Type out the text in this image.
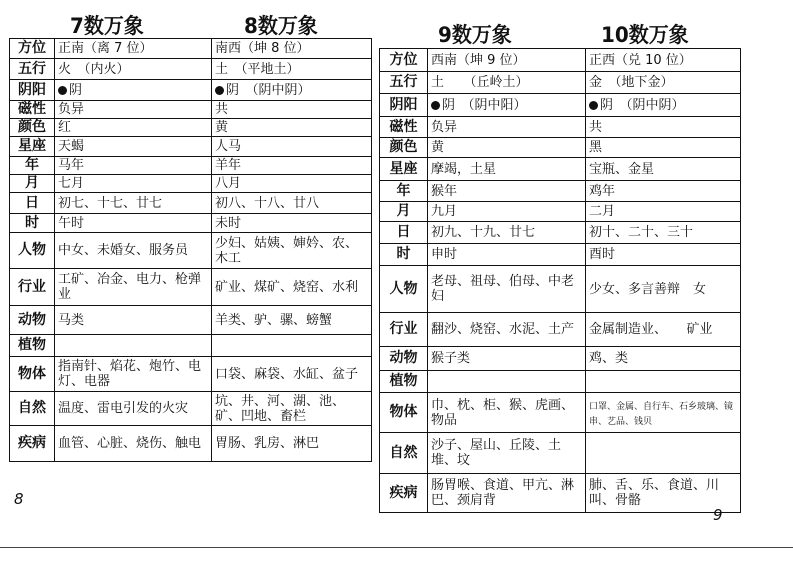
7数万象	8数万象	9数万象	10数万象
方位	正南（离 7 位）	南西（坤 8 位）
五行	火　（内火）	土　（平地土）
阴阳	阴	阴　（阴中阴）
磁性	负异	共
颜色	红	黄
星座	天蝎	人马
年	马年	羊年
月	七月	八月
日	初七、十七、廿七	初八、十八、廿八
时	午时	未时
人物	中女、未婚女、服务员	少妇、姑姨、婶妗、农、木工
行业	工矿、冶金、电力、枪弹业	矿业、煤矿、烧窑、水利
动物	马类	羊类、驴、骡、螃蟹
植物		
物体	指南针、焰花、炮竹、电灯、电器	口袋、麻袋、水缸、盆子
自然	温度、雷电引发的火灾	坑、井、河、湖、池、矿、凹地、畜栏
疾病	血管、心脏、烧伤、触电	胃肠、乳房、淋巴
方位	西南（坤 9 位）	正西（兑 10 位）
五行	土　　（丘岭土）	金　（地下金）
阴阳	阴　（阴中阳）	阴　（阴中阴）
磁性	负异	共
颜色	黄	黑
星座	摩竭，土星	宝瓶、金星
年	猴年	鸡年
月	九月	二月
日	初九、十九、廿七	初十、二十、三十
时	申时	酉时
人物	老母、祖母、伯母、中老妇	少女、多言善辩　女
行业	翻沙、烧窑、水泥、土产	金属制造业、　　矿业
动物	猴子类	鸡、类
植物		
物体	巾、枕、柜、猴、虎画、物品	口罩、金属、自行车、石乡玻璃、镜串、艺品、钱贝
自然	沙子、屋山、丘陵、土堆、坟	
疾病	肠胃喉、食道、甲亢、淋巴、颈肩背	肺、舌、乐、食道、川叫、骨骼
8
9
